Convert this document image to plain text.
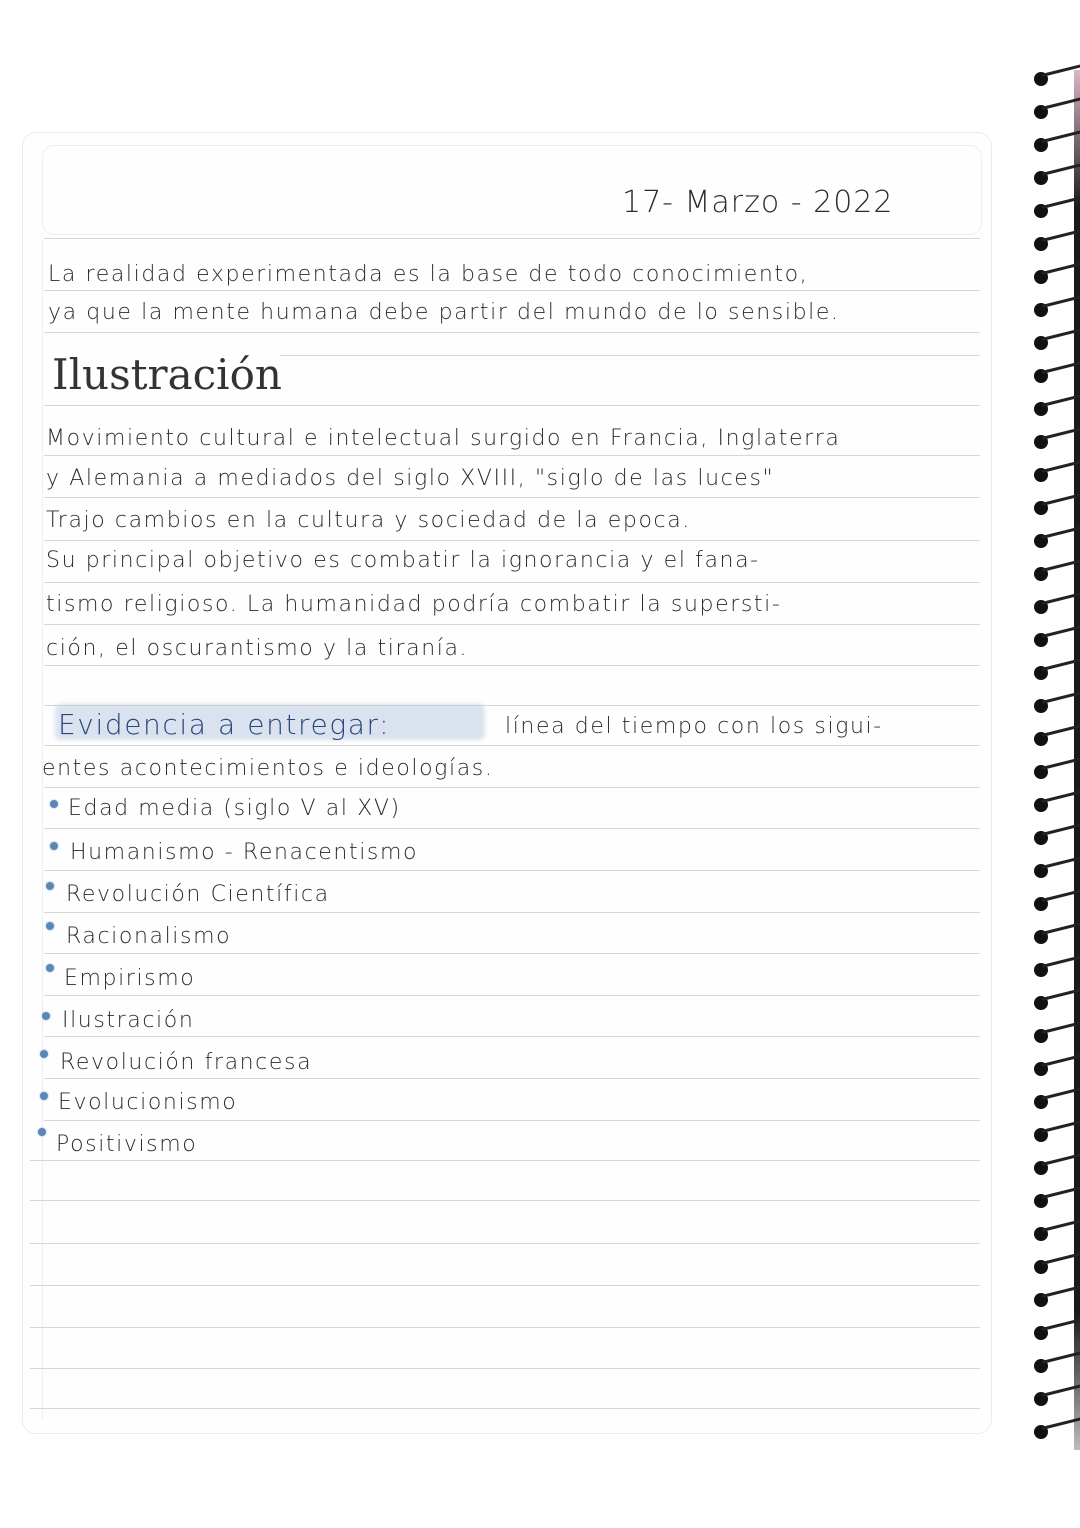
17- Marzo - 2022
La realidad experimentada es la base de todo conocimiento,
ya que la mente humana debe partir del mundo de lo sensible.
Ilustración
Movimiento cultural e intelectual surgido en Francia, Inglaterra
y Alemania a mediados del siglo XVIII, "siglo de las luces"
Trajo cambios en la cultura y sociedad de la epoca.
Su principal objetivo es combatir la ignorancia y el fana-
tismo religioso. La humanidad podría combatir la supersti-
ción, el oscurantismo y la tiranía.
Evidencia a entregar:	línea del tiempo con los sigui-
entes acontecimientos e ideologías.
Edad media (siglo V al XV)
Humanismo - Renacentismo
Revolución Científica
Racionalismo
Empirismo
Ilustración
Revolución francesa
Evolucionismo
Positivismo
